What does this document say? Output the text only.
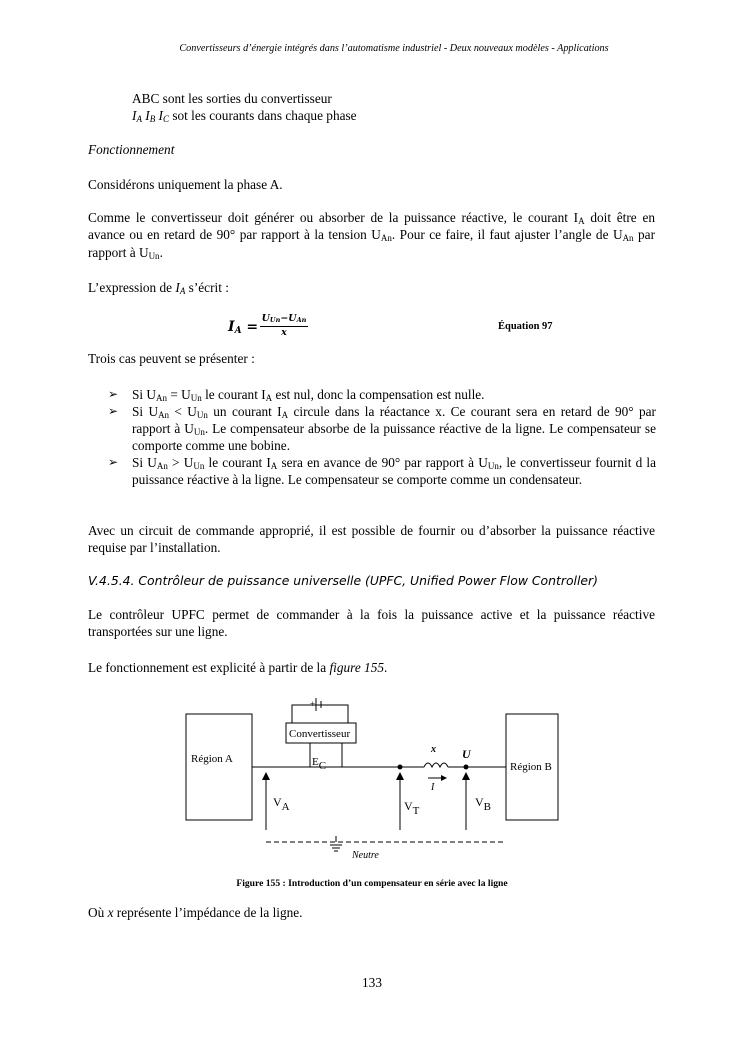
Convertisseurs d’énergie intégrés dans l’automatisme industriel - Deux nouveaux modèles - Applications
ABC sont les sorties du convertisseur
$I_A$ $I_B$ $I_C$ sot les courants dans chaque phase
Fonctionnement
Considérons uniquement la phase A.
Comme le convertisseur doit générer ou absorber de la puissance réactive, le courant $I_A$ doit être en avance ou en retard de 90° par rapport à la tension $U_{An}$. Pour ce faire, il faut ajuster l’angle de $U_{An}$ par rapport à $U_{Un}$.
L’expression de $I_A$ s’écrit :
$I_A$ =
$U_{Un}-U_{An}$
x
Équation 97
Trois cas peuvent se présenter :
➢ Si $U_{An} = U_{Un}$ le courant $I_A$ est nul, donc la compensation est nulle.
➢ Si $U_{An} < U_{Un}$ un courant $I_A$ circule dans la réactance x. Ce courant sera en retard de 90° par rapport à $U_{Un}$. Le compensateur absorbe de la puissance réactive de la ligne. Le compensateur se comporte comme une bobine.
➢ Si $U_{An} > U_{Un}$ le courant $I_A$ sera en avance de 90° par rapport à $U_{Un}$, le convertisseur fournit d la puissance réactive à la ligne. Le compensateur se comporte comme un condensateur.
Avec un circuit de commande approprié, il est possible de fournir ou d’absorber la puissance réactive requise par l’installation.
V.4.5.4. Contrôleur de puissance universelle (UPFC, Unified Power Flow Controller)
Le contrôleur UPFC permet de commander à la fois la puissance active et la puissance réactive transportées sur une ligne.
Le fonctionnement est explicité à partir de la figure 155.
Région A
Région B
Convertisseur
+
EC
x U
I
VA	VT
VB
Neutre
Figure 155 : Introduction d’un compensateur en série avec la ligne
Où x représente l’impédance de la ligne.
133
